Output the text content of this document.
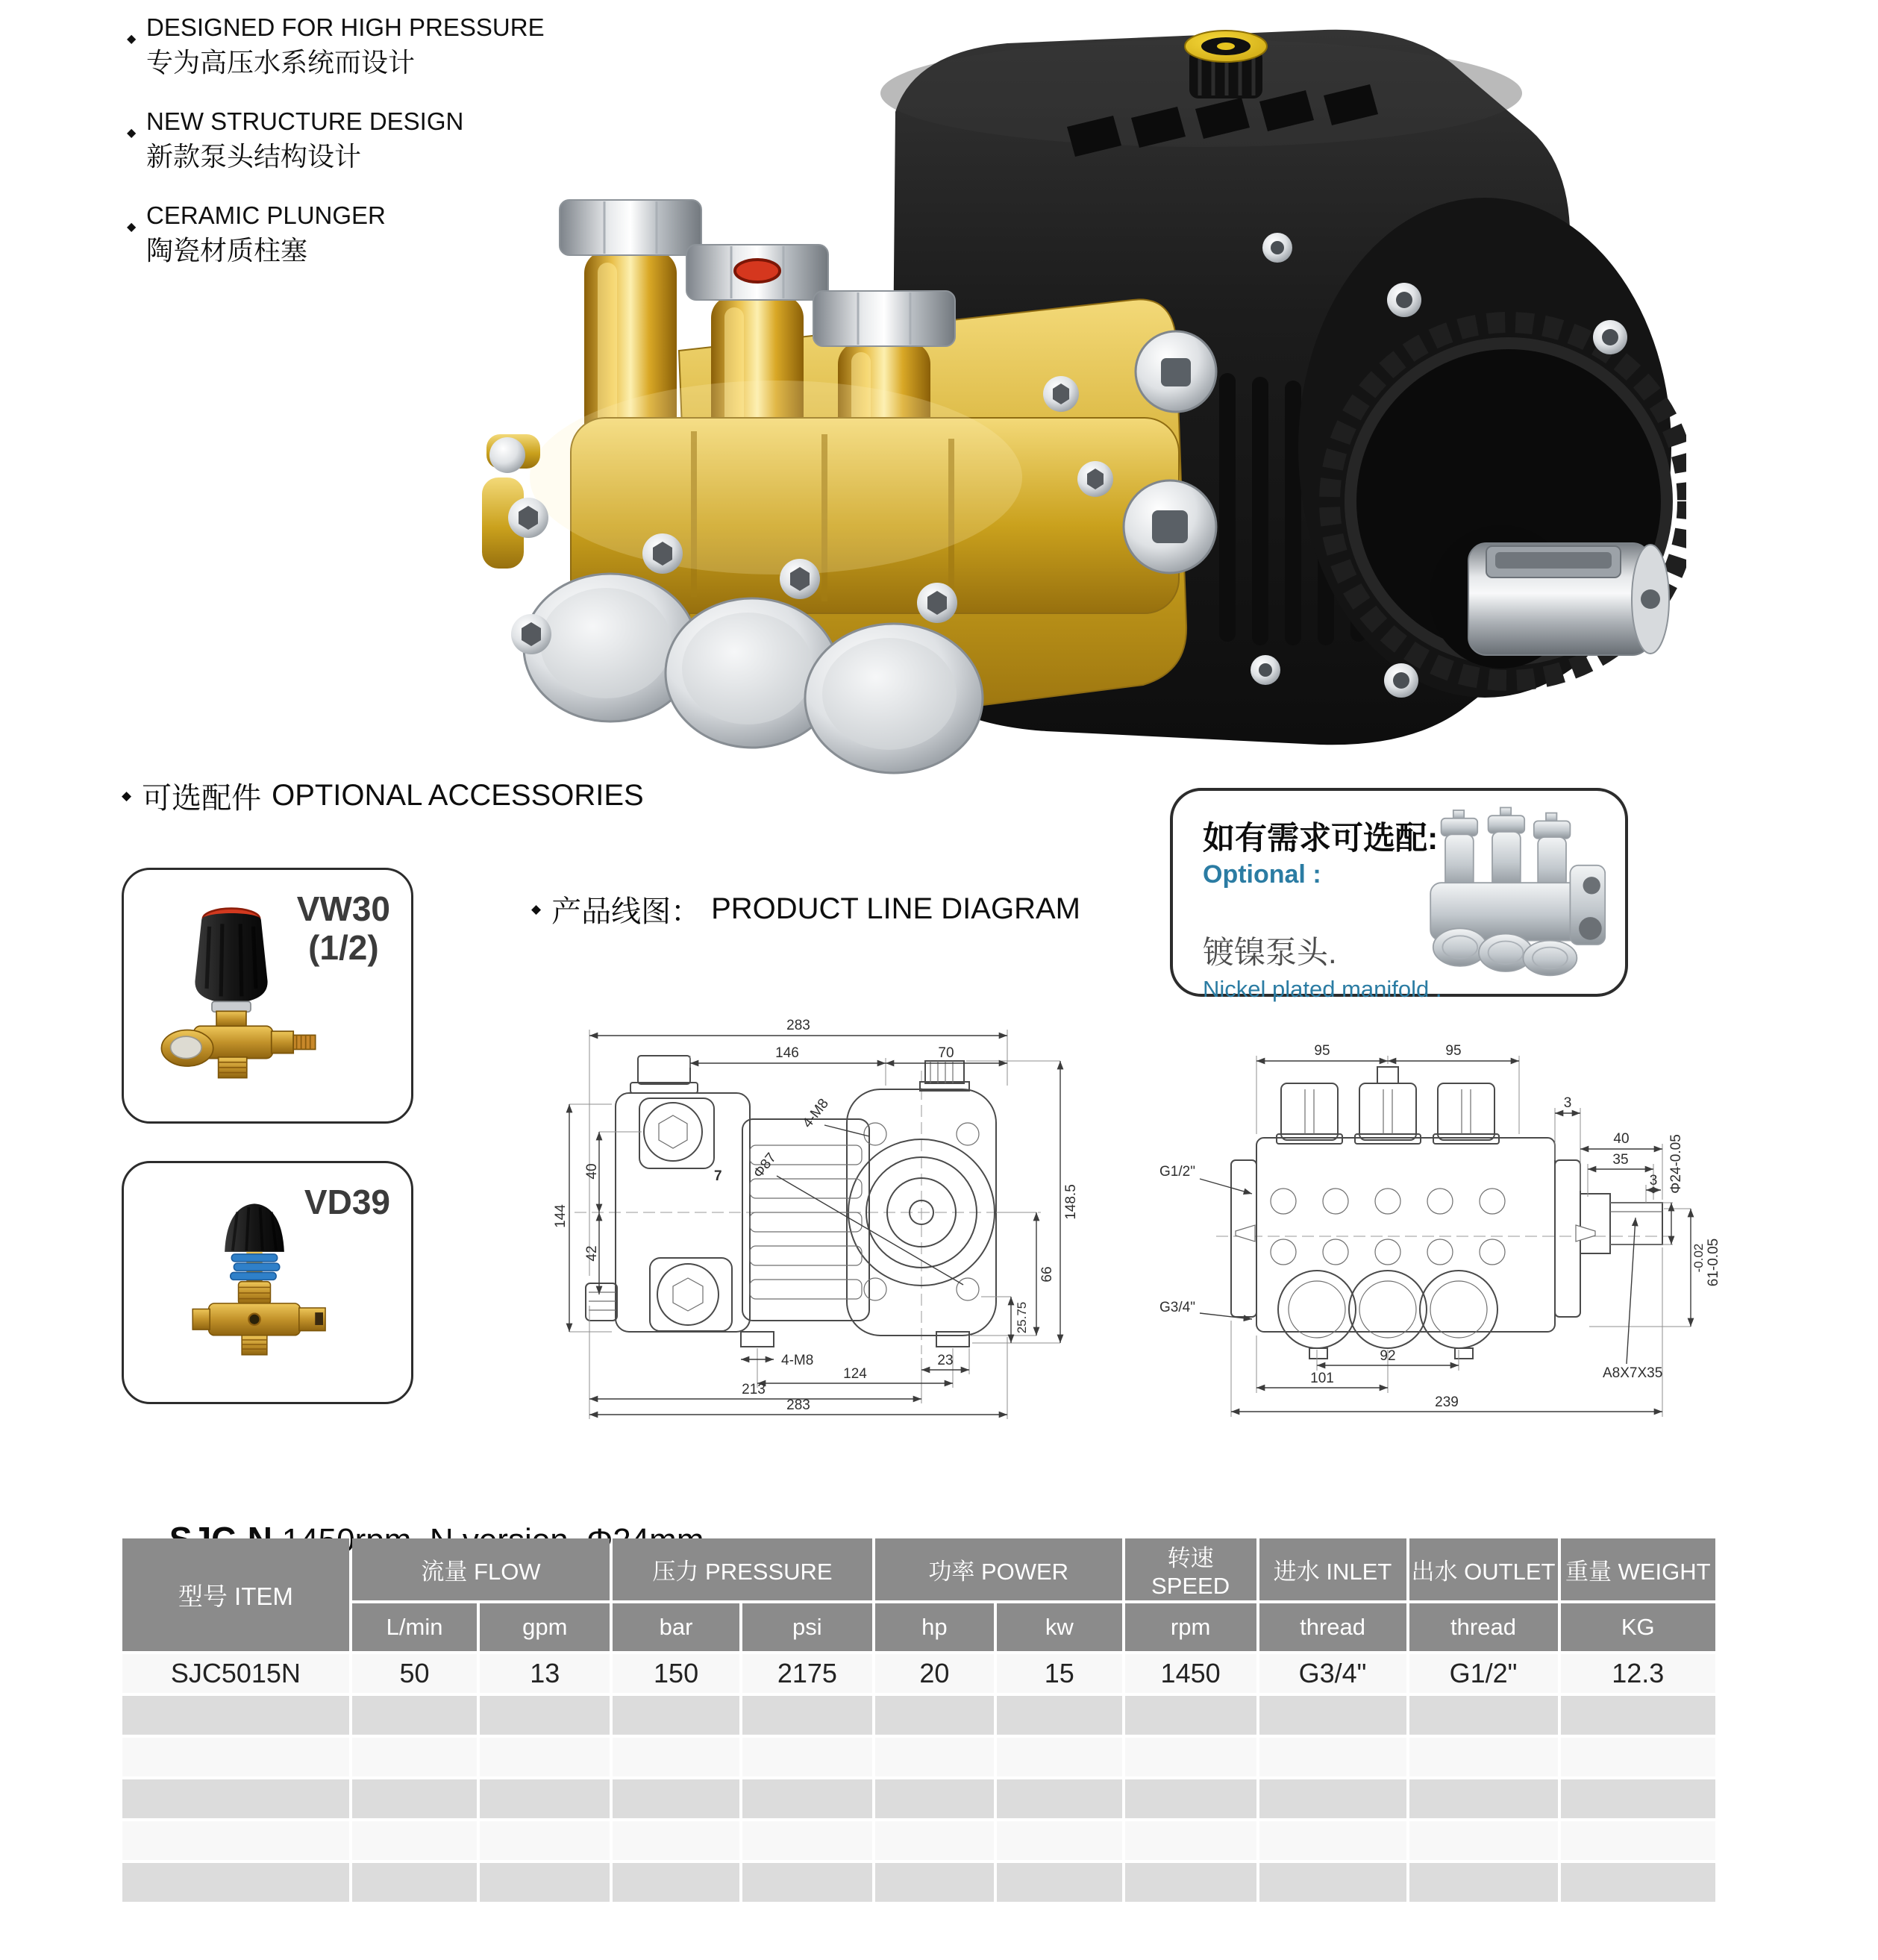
◆ DESIGNED FOR HIGH PRESSURE
专为高压水系统而设计
◆ NEW STRUCTURE DESIGN
新款泵头结构设计
◆ CERAMIC PLUNGER
陶瓷材质柱塞
◆ 可选配件 OPTIONAL ACCESSORIES
VW30
(1/2)
VD39
◆ 产品线图： PRODUCT LINE DIAGRAM
如有需求可选配:
Optional :
镀镍泵头.
Nickel plated manifold .
283
146	70
144
40
42
7
148.5
66
25.75
4-M8
Φ87
4-M8	23
124
213
283
95	95
G1/2"
G3/4"
3
40
35
3 Φ24-0.05
-0.02 61-0.05
A8X7X35
92
101
239

型号 ITEM	流量 FLOW		压力 PRESSURE		功率 POWER		转速 SPEED	进水 INLET	出水 OUTLET	重量 WEIGHT
	L/min	gpm	bar	psi	hp	kw	rpm	thread	thread	KG
SJC5015N	50	13	150	2175	20	15	1450	G3/4"	G1/2"	12.3
